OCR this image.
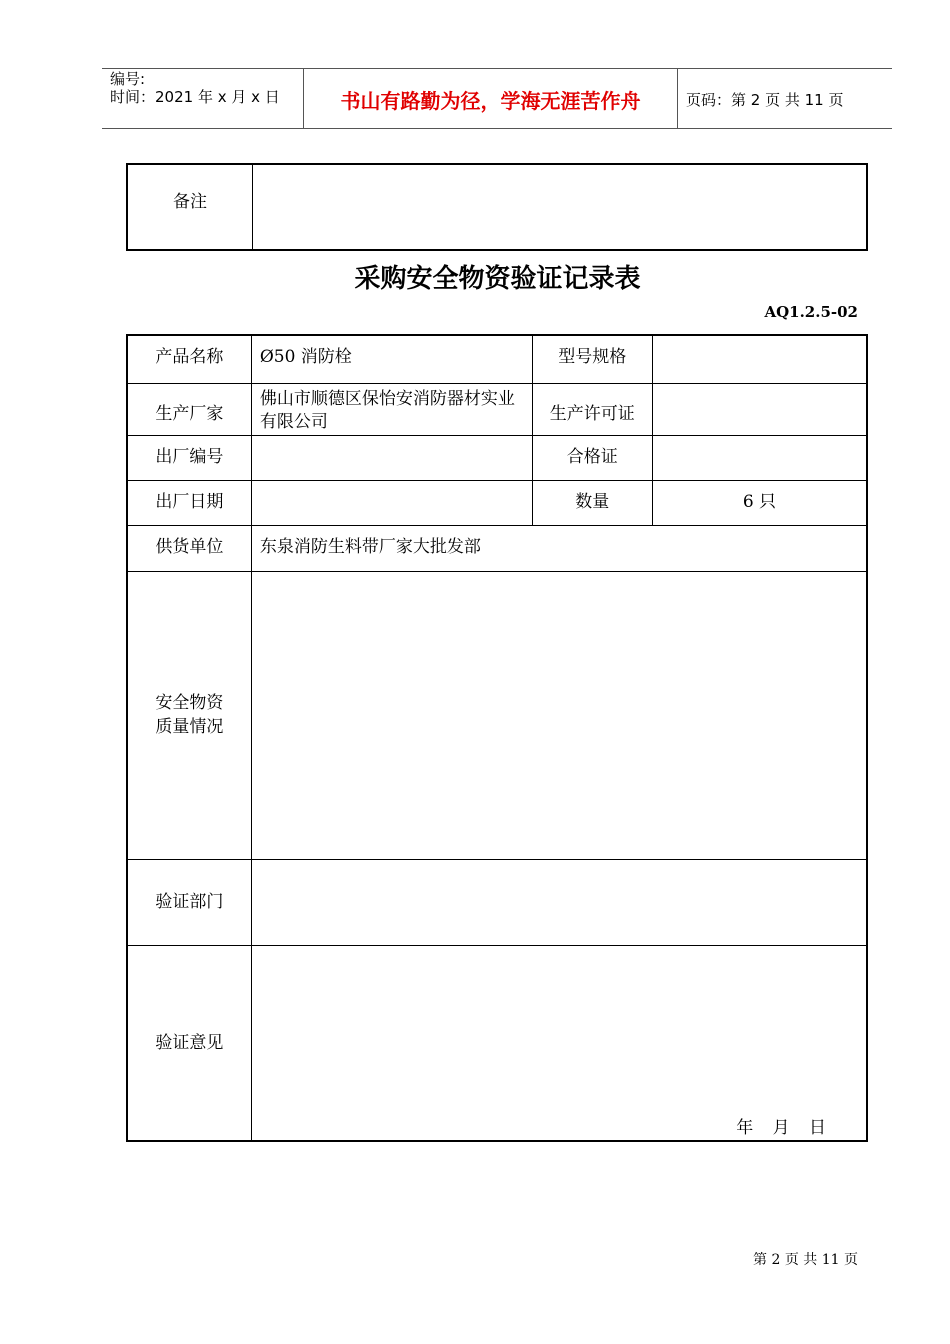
编号:
时间：2021 年 x 月 x 日	书山有路勤为径，学海无涯苦作舟	页码：第 2 页 共 11 页
备注	
采购安全物资验证记录表
AQ1.2.5-02
产品名称	Ø50 消防栓	型号规格	
生产厂家	佛山市顺德区保怡安消防器材实业有限公司	生产许可证	
出厂编号		合格证	
出厂日期		数量	6 只
供货单位	东泉消防生料带厂家大批发部		

安全物资
质量情况			

验证部门			
验证意见	年 月 日		
第 2 页 共 11 页
